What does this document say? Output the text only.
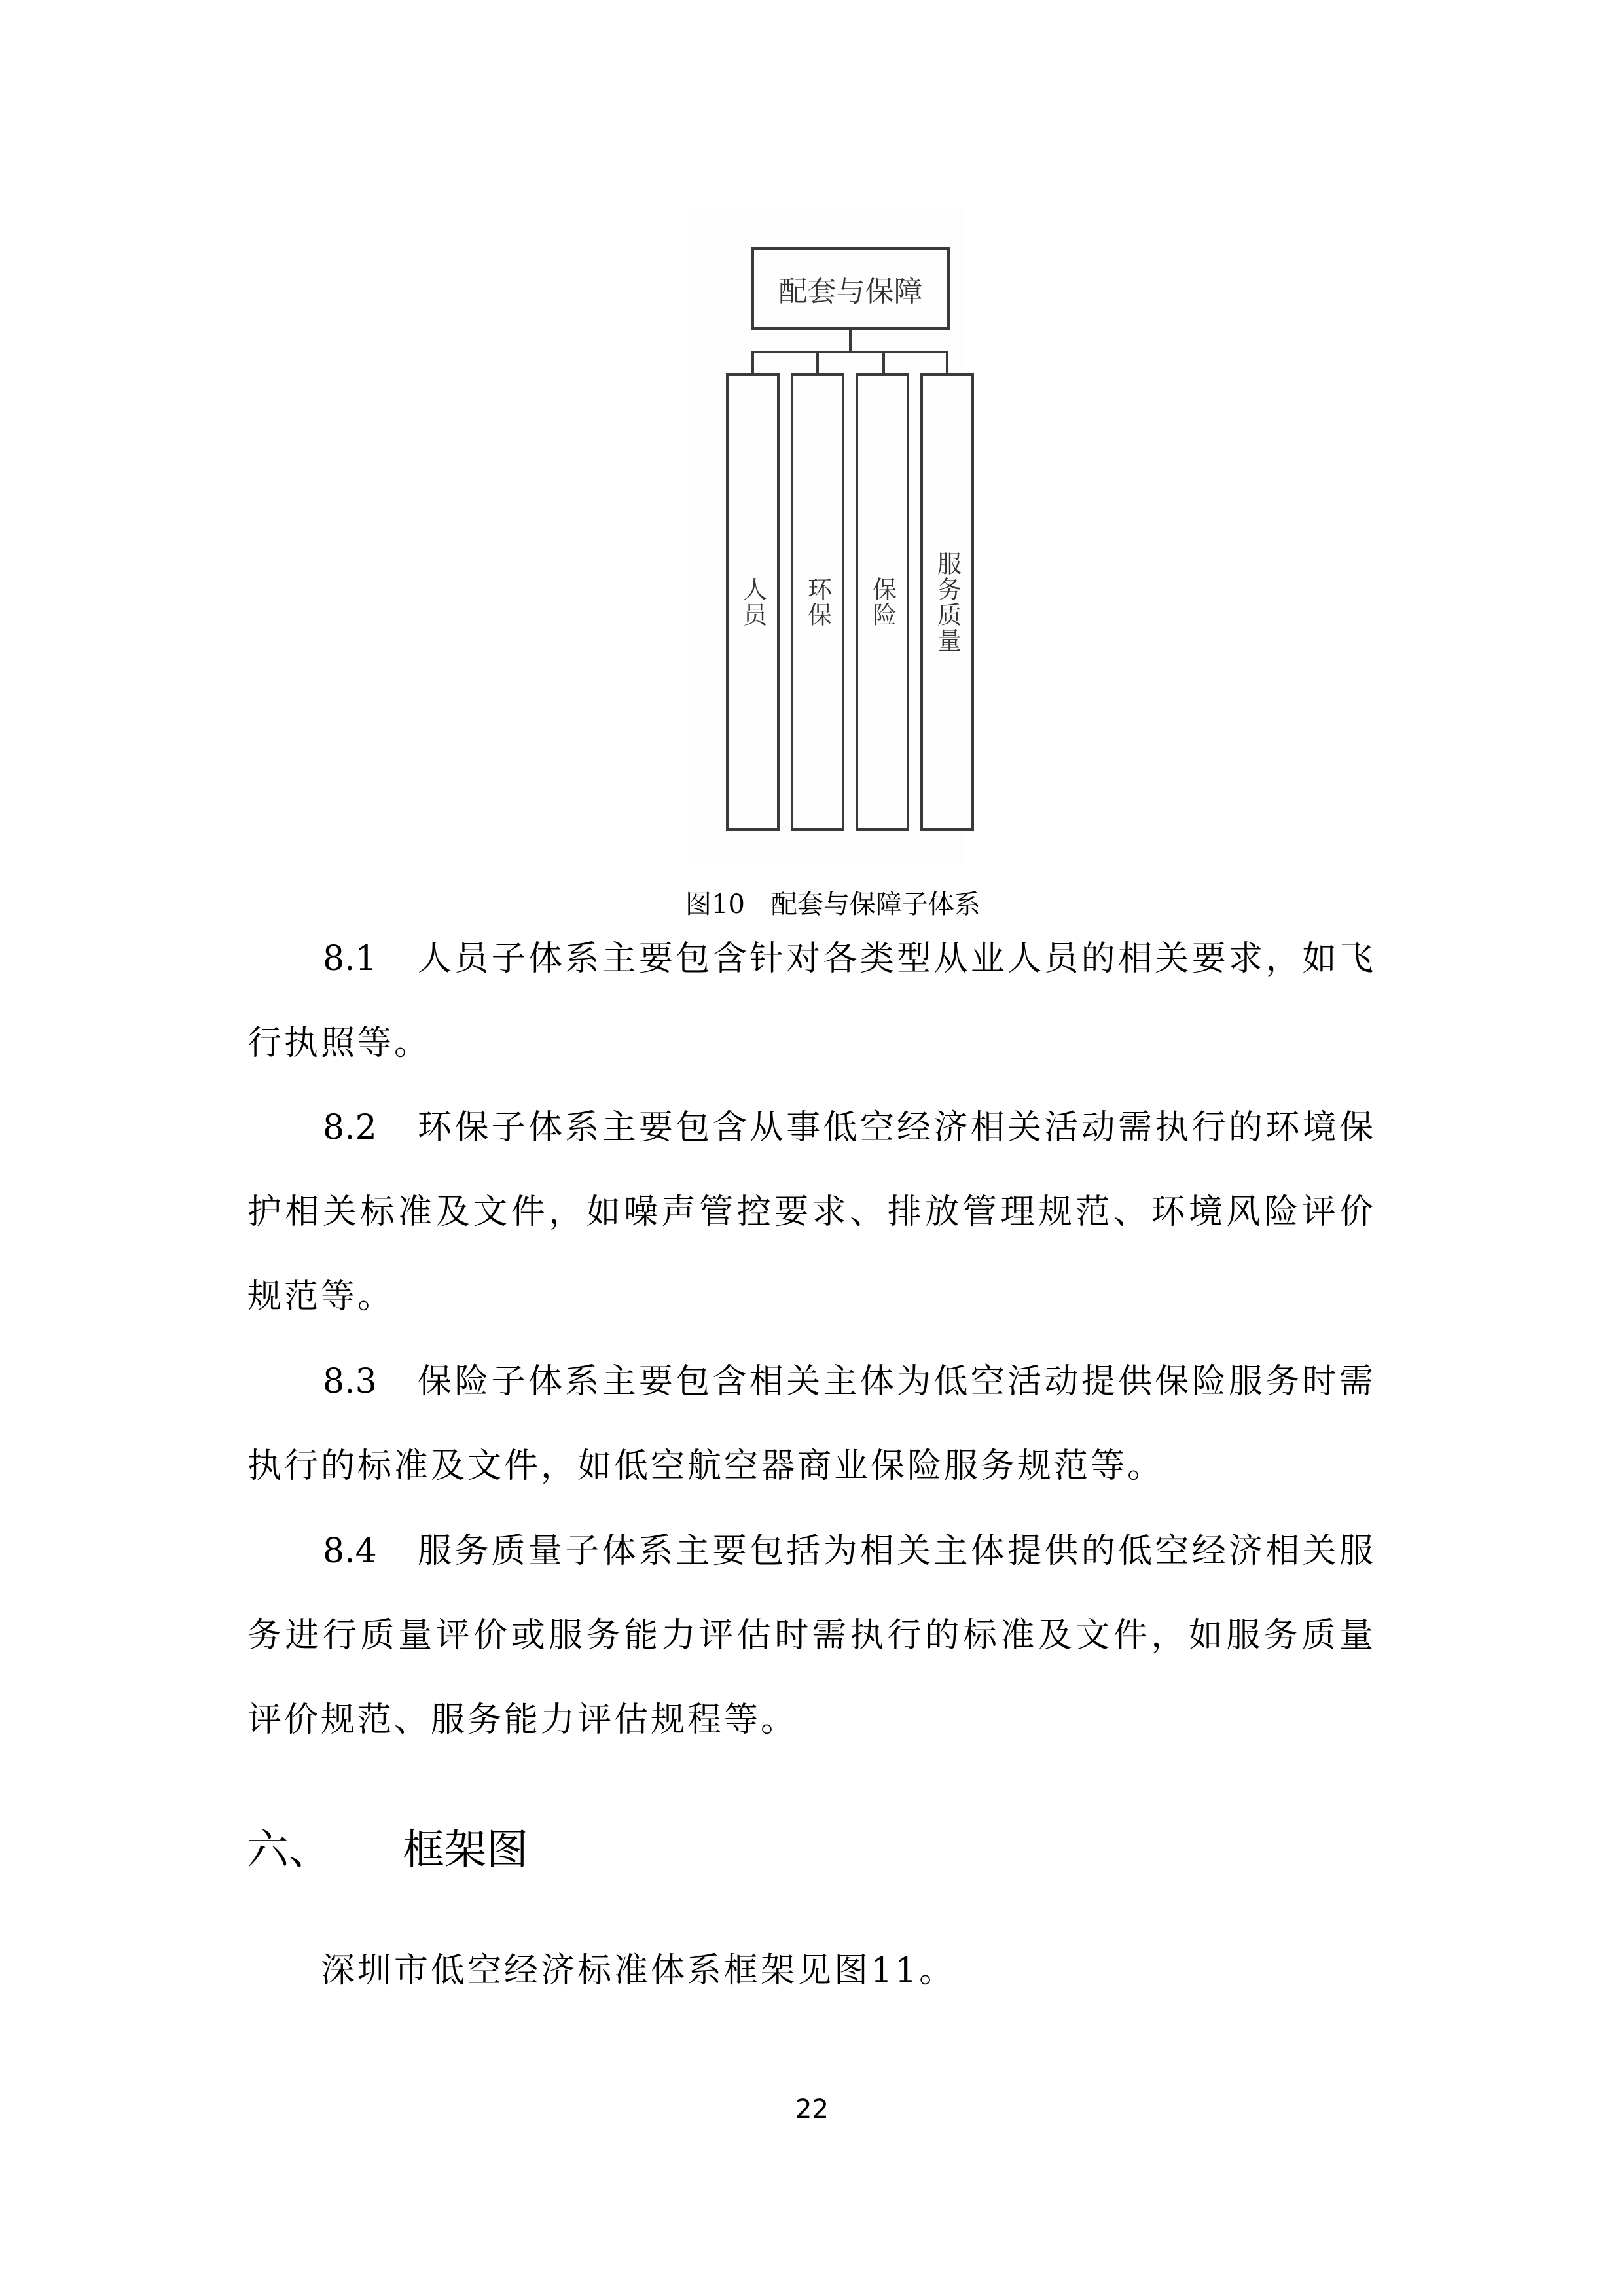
配套与保障
人员 环保 保险 服务质量
图10　 配套与保障子体系
8.1 人员子体系主要包含针对各类型从业人员的相关要求，如飞行执照等。
8.2 环保子体系主要包含从事低空经济相关活动需执行的环境保护相关标准及文件，如噪声管控要求、排放管理规范、环境风险评价规范等。
8.3 保险子体系主要包含相关主体为低空活动提供保险服务时需执行的标准及文件，如低空航空器商业保险服务规范等。
8.4 服务质量子体系主要包括为相关主体提供的低空经济相关服务进行质量评价或服务能力评估时需执行的标准及文件，如服务质量评价规范、服务能力评估规程等。
六、 框架图
深圳市低空经济标准体系框架见图11。
22
